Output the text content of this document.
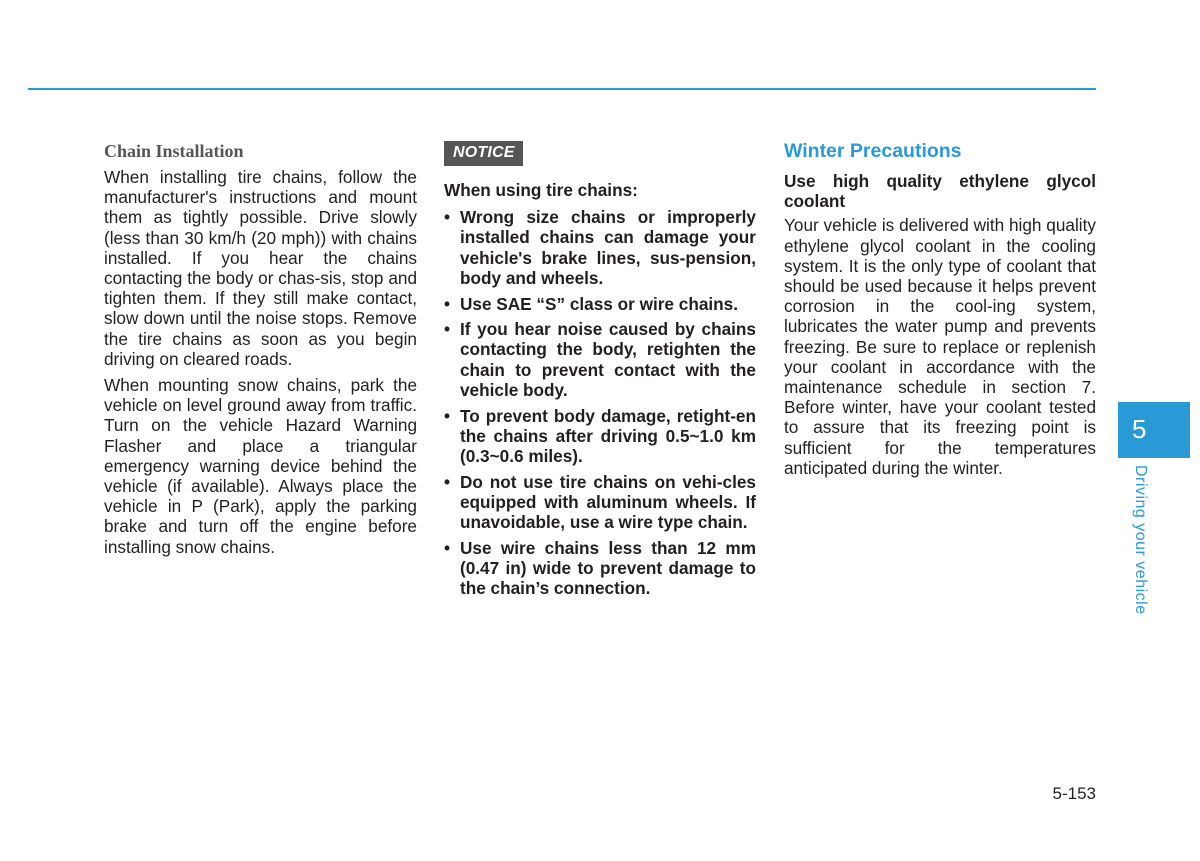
Chain Installation

When installing tire chains, follow the manufacturer's instructions and mount them as tightly possible. Drive slowly (less than 30 km/h (20 mph)) with chains installed. If you hear the chains contacting the body or chas-sis, stop and tighten them. If they still make contact, slow down until the noise stops. Remove the tire chains as soon as you begin driving on cleared roads.

When mounting snow chains, park the vehicle on level ground away from traffic. Turn on the vehicle Hazard Warning Flasher and place a triangular emergency warning device behind the vehicle (if available). Always place the vehicle in P (Park), apply the parking brake and turn off the engine before installing snow chains.

NOTICE
When using tire chains:
• Wrong size chains or improperly installed chains can damage your vehicle's brake lines, sus-pension, body and wheels.
• Use SAE “S” class or wire chains.
• If you hear noise caused by chains contacting the body, retighten the chain to prevent contact with the vehicle body.
• To prevent body damage, retight-en the chains after driving 0.5~1.0 km (0.3~0.6 miles).
• Do not use tire chains on vehi-cles equipped with aluminum wheels. If unavoidable, use a wire type chain.
• Use wire chains less than 12 mm (0.47 in) wide to prevent damage to the chain’s connection.
Winter Precautions
Use high quality ethylene glycol coolant

Your vehicle is delivered with high quality ethylene glycol coolant in the cooling system. It is the only type of coolant that should be used because it helps prevent corrosion in the cool-ing system, lubricates the water pump and prevents freezing. Be sure to replace or replenish your coolant in accordance with the maintenance schedule in section 7. Before winter, have your coolant tested to assure that its freezing point is sufficient for the temperatures anticipated during the winter.

5
Driving your vehicle
5-153
